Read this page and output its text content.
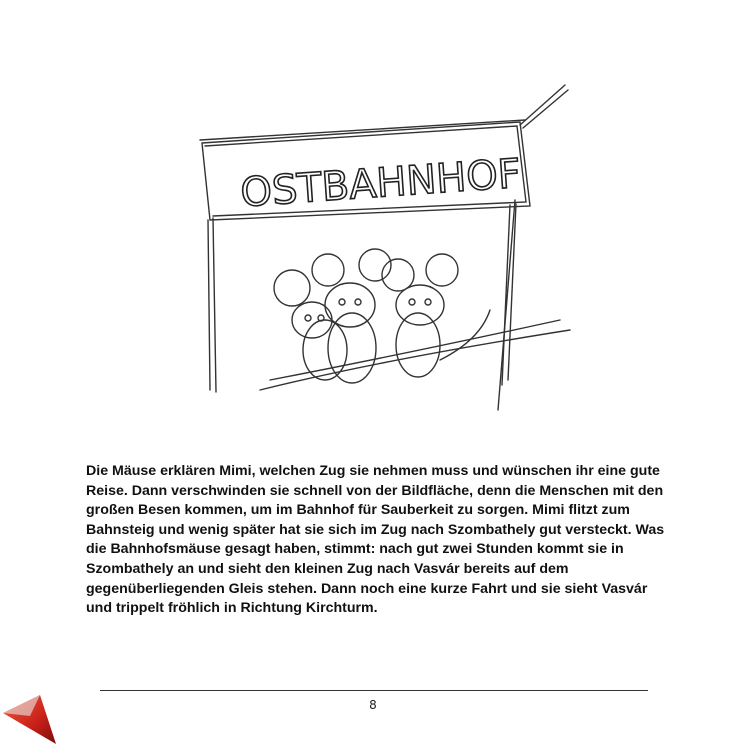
OSTBAHNHOF

Die Mäuse erklären Mimi, welchen Zug sie nehmen muss und wünschen ihr eine gute Reise. Dann verschwinden sie schnell von der Bildfläche, denn die Menschen mit den großen Besen kommen, um im Bahnhof für Sauberkeit zu sorgen. Mimi flitzt zum Bahnsteig und wenig später hat sie sich im Zug nach Szombathely gut versteckt. Was die Bahnhofsmäuse gesagt haben, stimmt: nach gut zwei Stunden kommt sie in Szombathely an und sieht den kleinen Zug nach Vasvár bereits auf dem gegenüberliegenden Gleis stehen. Dann noch eine kurze Fahrt und sie sieht Vasvár und trippelt fröhlich in Richtung Kirchturm.

8
